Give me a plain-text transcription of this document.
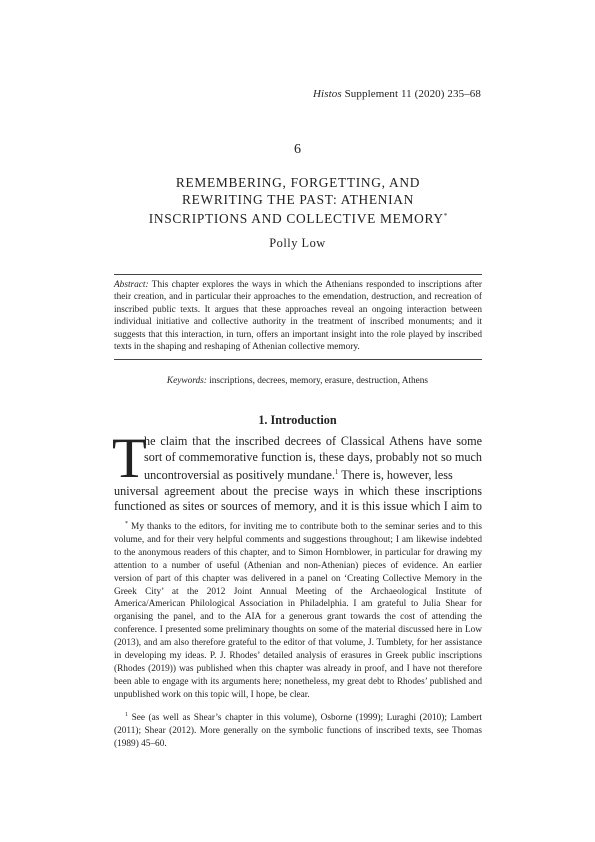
Histos Supplement 11 (2020) 235–68
6
REMEMBERING, FORGETTING, AND
REWRITING THE PAST: ATHENIAN
INSCRIPTIONS AND COLLECTIVE MEMORY*
Polly Low
Abstract: This chapter explores the ways in which the Athenians responded to inscriptions after their creation, and in particular their approaches to the emendation, destruction, and recreation of inscribed public texts. It argues that these approaches reveal an ongoing interaction between individual initiative and collective authority in the treatment of inscribed monuments; and it suggests that this interaction, in turn, offers an important insight into the role played by inscribed texts in the shaping and reshaping of Athenian collective memory.
Keywords: inscriptions, decrees, memory, erasure, destruction, Athens
1. Introduction
T
he claim that the inscribed decrees of Classical Athens have some
sort of commemorative function is, these days, probably not so much
uncontroversial as positively mundane.$^1$ There is, however, less
universal agreement about the precise ways in which these inscriptions
functioned as sites or sources of memory, and it is this issue which I aim to

* My thanks to the editors, for inviting me to contribute both to the seminar series and to this volume, and for their very helpful comments and suggestions throughout; I am likewise indebted to the anonymous readers of this chapter, and to Simon Hornblower, in particular for drawing my attention to a number of useful (Athenian and non-Athenian) pieces of evidence. An earlier version of part of this chapter was delivered in a panel on ‘Creating Collective Memory in the Greek City’ at the 2012 Joint Annual Meeting of the Archaeological Institute of America/American Philological Association in Philadelphia. I am grateful to Julia Shear for organising the panel, and to the AIA for a generous grant towards the cost of attending the conference. I presented some preliminary thoughts on some of the material discussed here in Low (2013), and am also therefore grateful to the editor of that volume, J. Tumblety, for her assistance in developing my ideas. P. J. Rhodes’ detailed analysis of erasures in Greek public inscriptions (Rhodes (2019)) was published when this chapter was already in proof, and I have not therefore been able to engage with its arguments here; nonetheless, my great debt to Rhodes’ published and unpublished work on this topic will, I hope, be clear.

$^1$ See (as well as Shear’s chapter in this volume), Osborne (1999); Luraghi (2010); Lambert (2011); Shear (2012). More generally on the symbolic functions of inscribed texts, see Thomas (1989) 45–60.
